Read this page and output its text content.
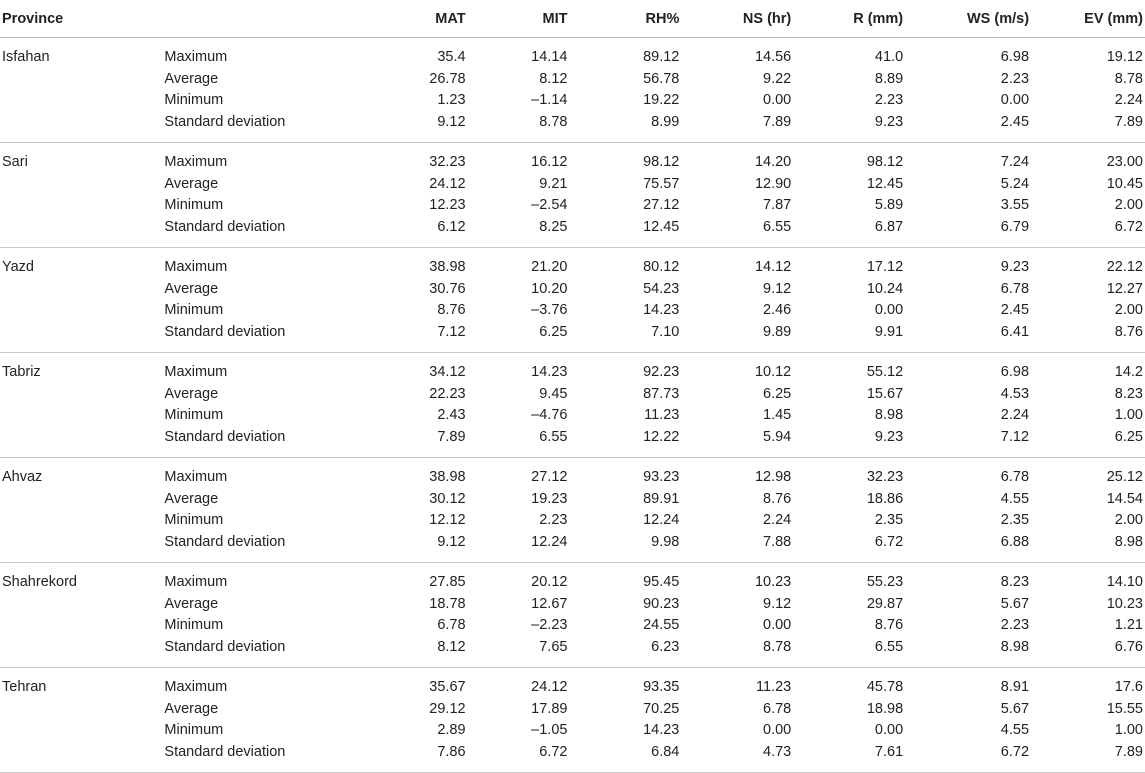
Province		MAT	MIT	RH%	NS (hr)	R (mm)	WS (m/s)	EV (mm)
Isfahan	Maximum	35.4	14.14	89.12	14.56	41.0	6.98	19.12
	Average	26.78	8.12	56.78	9.22	8.89	2.23	8.78
	Minimum	1.23	–1.14	19.22	0.00	2.23	0.00	2.24
	Standard deviation	9.12	8.78	8.99	7.89	9.23	2.45	7.89
Sari	Maximum	32.23	16.12	98.12	14.20	98.12	7.24	23.00
	Average	24.12	9.21	75.57	12.90	12.45	5.24	10.45
	Minimum	12.23	–2.54	27.12	7.87	5.89	3.55	2.00
	Standard deviation	6.12	8.25	12.45	6.55	6.87	6.79	6.72
Yazd	Maximum	38.98	21.20	80.12	14.12	17.12	9.23	22.12
	Average	30.76	10.20	54.23	9.12	10.24	6.78	12.27
	Minimum	8.76	–3.76	14.23	2.46	0.00	2.45	2.00
	Standard deviation	7.12	6.25	7.10	9.89	9.91	6.41	8.76
Tabriz	Maximum	34.12	14.23	92.23	10.12	55.12	6.98	14.2
	Average	22.23	9.45	87.73	6.25	15.67	4.53	8.23
	Minimum	2.43	–4.76	11.23	1.45	8.98	2.24	1.00
	Standard deviation	7.89	6.55	12.22	5.94	9.23	7.12	6.25
Ahvaz	Maximum	38.98	27.12	93.23	12.98	32.23	6.78	25.12
	Average	30.12	19.23	89.91	8.76	18.86	4.55	14.54
	Minimum	12.12	2.23	12.24	2.24	2.35	2.35	2.00
	Standard deviation	9.12	12.24	9.98	7.88	6.72	6.88	8.98
Shahrekord	Maximum	27.85	20.12	95.45	10.23	55.23	8.23	14.10
	Average	18.78	12.67	90.23	9.12	29.87	5.67	10.23
	Minimum	6.78	–2.23	24.55	0.00	8.76	2.23	1.21
	Standard deviation	8.12	7.65	6.23	8.78	6.55	8.98	6.76
Tehran	Maximum	35.67	24.12	93.35	11.23	45.78	8.91	17.6
	Average	29.12	17.89	70.25	6.78	18.98	5.67	15.55
	Minimum	2.89	–1.05	14.23	0.00	0.00	4.55	1.00
	Standard deviation	7.86	6.72	6.84	4.73	7.61	6.72	7.89
